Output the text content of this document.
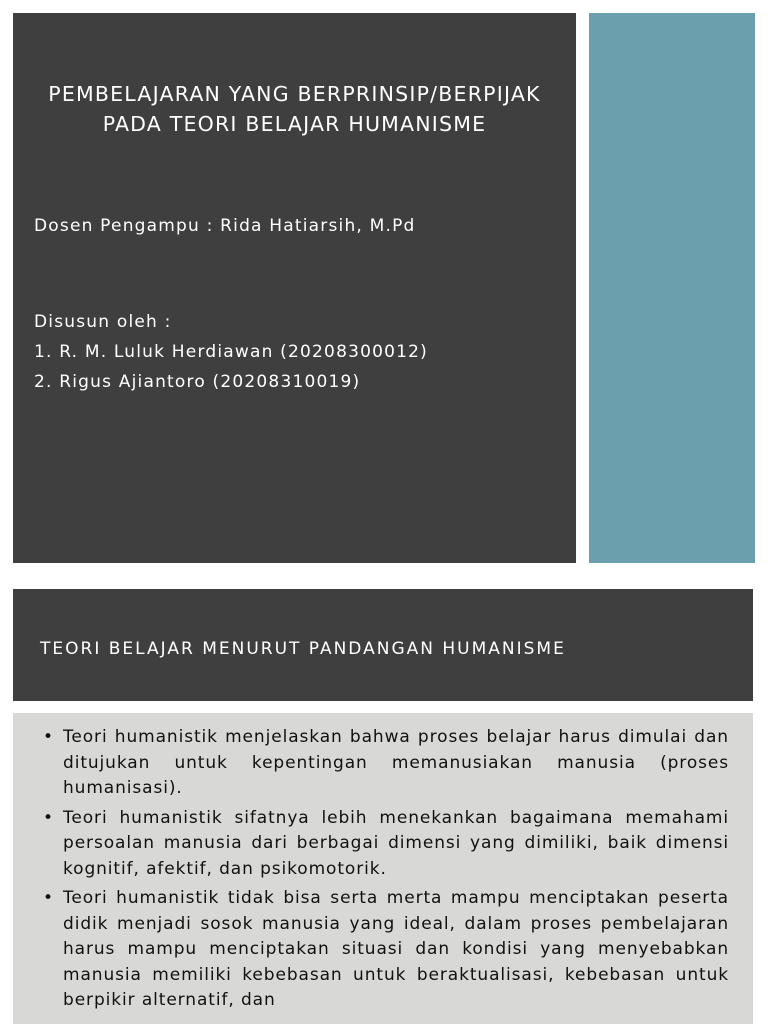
PEMBELAJARAN YANG BERPRINSIP/BERPIJAK
PADA TEORI BELAJAR HUMANISME
Dosen Pengampu : Rida Hatiarsih, M.Pd
Disusun oleh :
1. R. M. Luluk Herdiawan (20208300012)
2. Rigus Ajiantoro (20208310019)
TEORI BELAJAR MENURUT PANDANGAN HUMANISME
• Teori humanistik menjelaskan bahwa proses belajar harus dimulai dan ditujukan untuk kepentingan memanusiakan manusia (proses humanisasi).
• Teori humanistik sifatnya lebih menekankan bagaimana memahami persoalan manusia dari berbagai dimensi yang dimiliki, baik dimensi kognitif, afektif, dan psikomotorik.
• Teori humanistik tidak bisa serta merta mampu menciptakan peserta didik menjadi sosok manusia yang ideal, dalam proses pembelajaran harus mampu menciptakan situasi dan kondisi yang menyebabkan manusia memiliki kebebasan untuk beraktualisasi, kebebasan untuk berpikir alternatif, dan
